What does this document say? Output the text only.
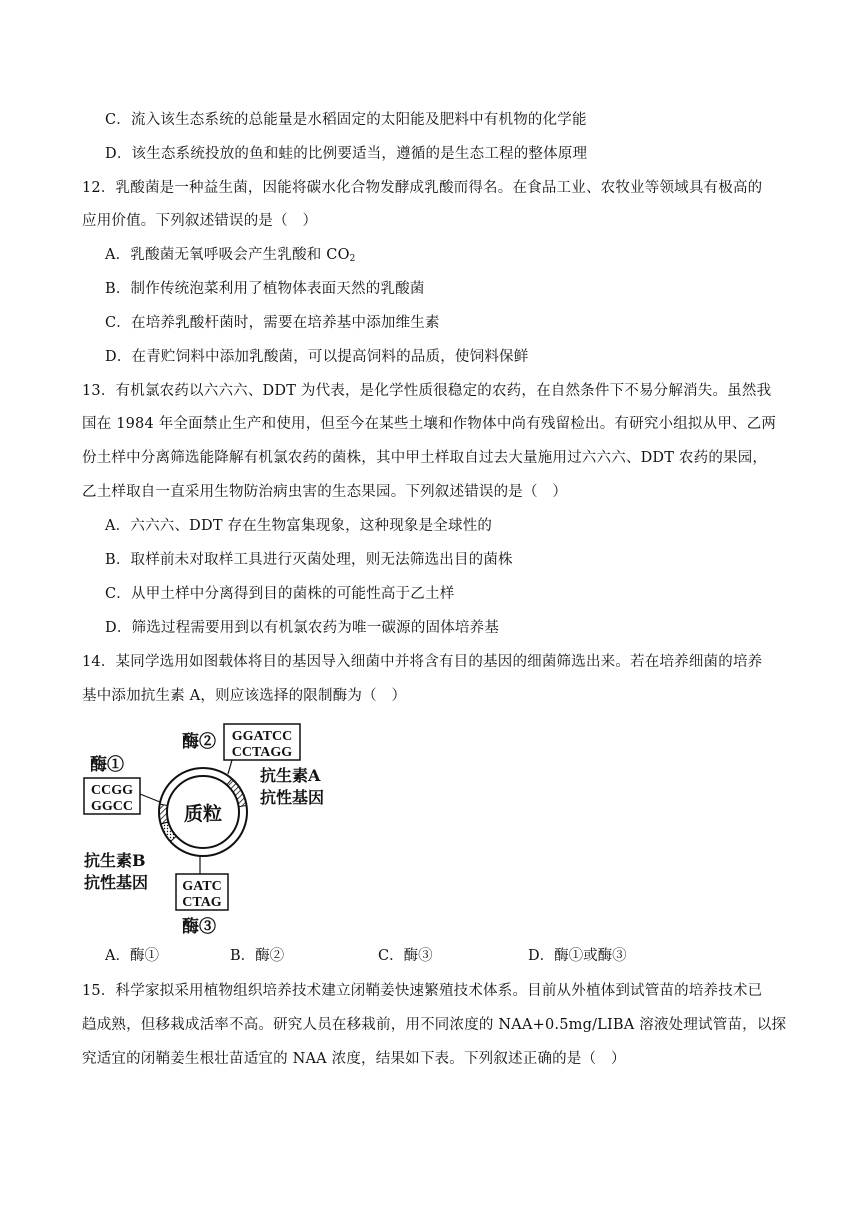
C．流入该生态系统的总能量是水稻固定的太阳能及肥料中有机物的化学能
D．该生态系统投放的鱼和蛙的比例要适当，遵循的是生态工程的整体原理
12．乳酸菌是一种益生菌，因能将碳水化合物发酵成乳酸而得名。在食品工业、农牧业等领域具有极高的
应用价值。下列叙述错误的是（　）
A．乳酸菌无氧呼吸会产生乳酸和 $CO_2$
B．制作传统泡菜利用了植物体表面天然的乳酸菌
C．在培养乳酸杆菌时，需要在培养基中添加维生素
D．在青贮饲料中添加乳酸菌，可以提高饲料的品质，使饲料保鲜
13．有机氯农药以六六六、DDT 为代表，是化学性质很稳定的农药，在自然条件下不易分解消失。虽然我
国在 1984 年全面禁止生产和使用，但至今在某些土壤和作物体中尚有残留检出。有研究小组拟从甲、乙两
份土样中分离筛选能降解有机氯农药的菌株，其中甲土样取自过去大量施用过六六六、DDT 农药的果园，
乙土样取自一直采用生物防治病虫害的生态果园。下列叙述错误的是（　）
A．六六六、DDT 存在生物富集现象，这种现象是全球性的
B．取样前未对取样工具进行灭菌处理，则无法筛选出目的菌株
C．从甲土样中分离得到目的菌株的可能性高于乙土样
D．筛选过程需要用到以有机氯农药为唯一碳源的固体培养基
14．某同学选用如图载体将目的基因导入细菌中并将含有目的基因的细菌筛选出来。若在培养细菌的培养
基中添加抗生素 A，则应该选择的限制酶为（　）
质粒
酶② GGATCC
CCTAGG
酶①
CCGG
GGCC
抗生素A
抗性基因
抗生素B
抗性基因 GATC
CTAG
酶③
A．酶①	B．酶②	C．酶③	D．酶①或酶③
15．科学家拟采用植物组织培养技术建立闭鞘姜快速繁殖技术体系。目前从外植体到试管苗的培养技术已
趋成熟，但移栽成活率不高。研究人员在移栽前，用不同浓度的 NAA+0.5mg/LIBA 溶液处理试管苗，以探
究适宜的闭鞘姜生根壮苗适宜的 NAA 浓度，结果如下表。下列叙述正确的是（　）
